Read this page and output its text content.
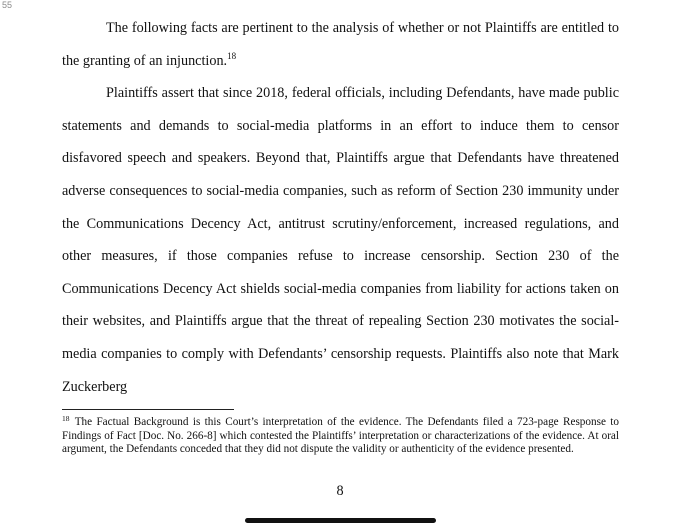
55

The following facts are pertinent to the analysis of whether or not Plaintiffs are entitled to the granting of an injunction.$^{18}$

Plaintiffs assert that since 2018, federal officials, including Defendants, have made public statements and demands to social-media platforms in an effort to induce them to censor disfavored speech and speakers. Beyond that, Plaintiffs argue that Defendants have threatened adverse consequences to social-media companies, such as reform of Section 230 immunity under the Communications Decency Act, antitrust scrutiny/enforcement, increased regulations, and other measures, if those companies refuse to increase censorship. Section 230 of the Communications Decency Act shields social-media companies from liability for actions taken on their websites, and Plaintiffs argue that the threat of repealing Section 230 motivates the social-media companies to comply with Defendants’ censorship requests. Plaintiffs also note that Mark Zuckerberg

$^{18}$ The Factual Background is this Court’s interpretation of the evidence. The Defendants filed a 723-page Response to Findings of Fact [Doc. No. 266-8] which contested the Plaintiffs’ interpretation or characterizations of the evidence. At oral argument, the Defendants conceded that they did not dispute the validity or authenticity of the evidence presented.

8
